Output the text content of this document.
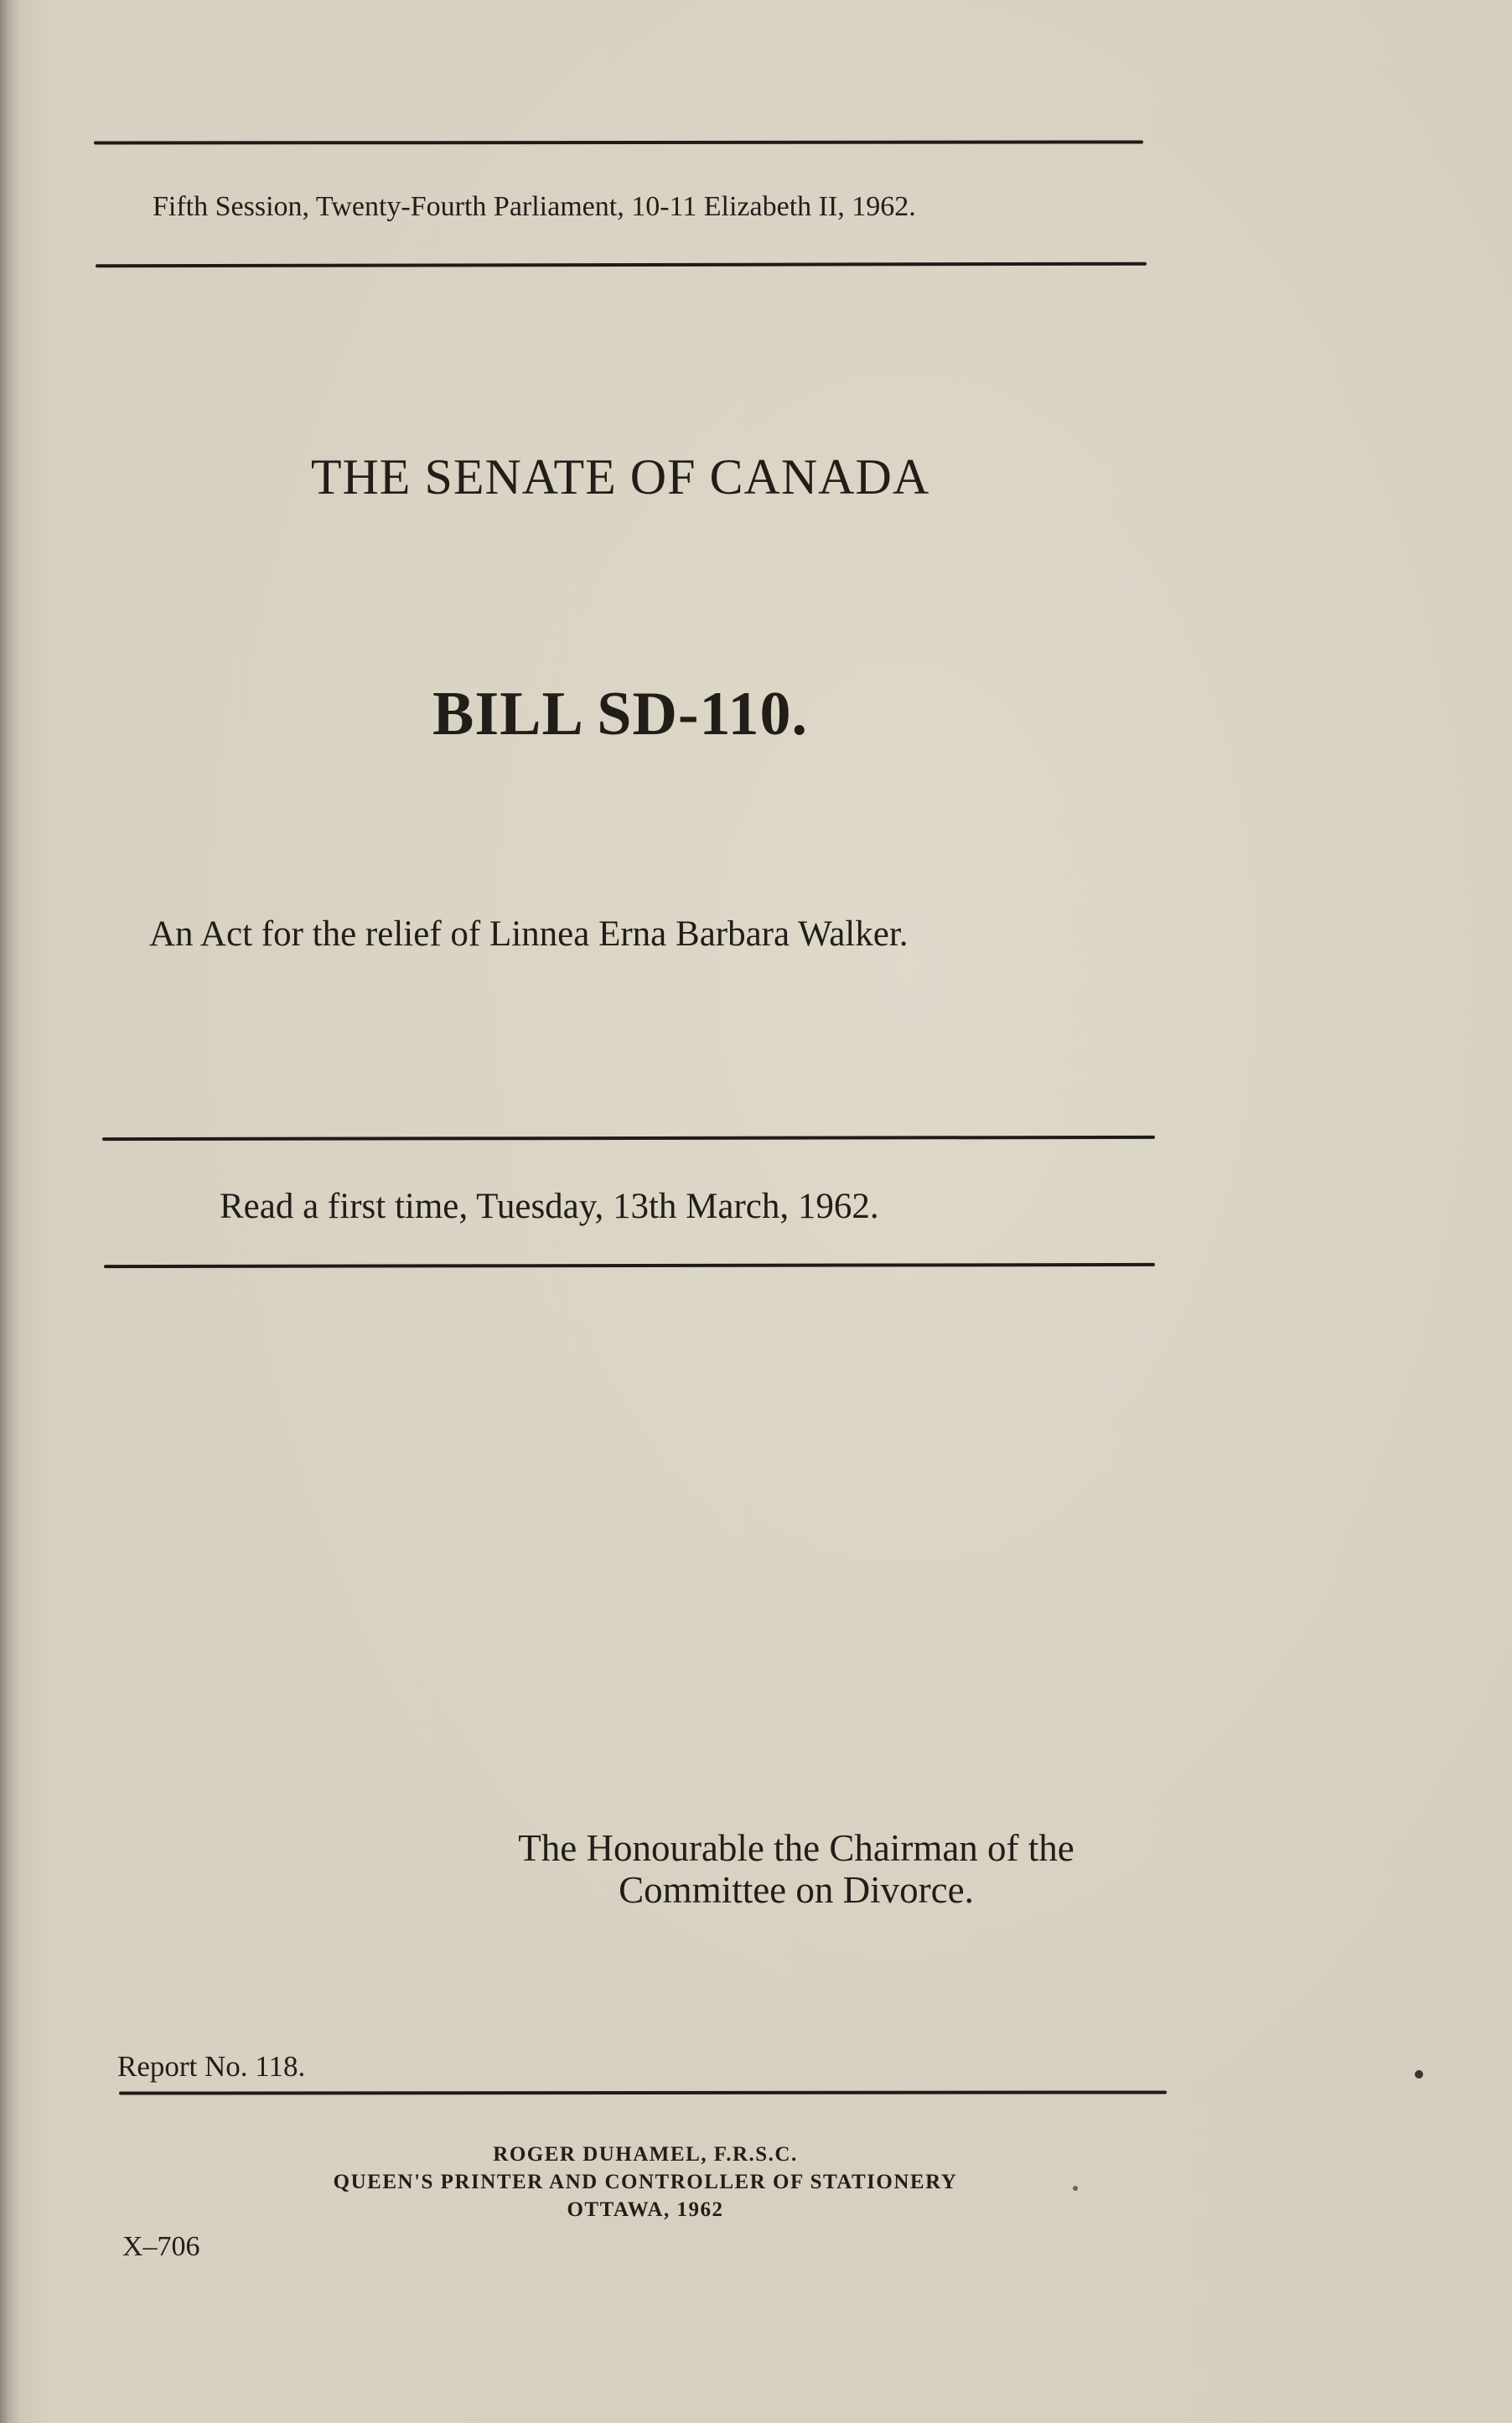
Fifth Session, Twenty-Fourth Parliament, 10-11 Elizabeth II, 1962.
THE SENATE OF CANADA
BILL SD-110.
An Act for the relief of Linnea Erna Barbara Walker.
Read a first time, Tuesday, 13th March, 1962.
The Honourable the Chairman of the
Committee on Divorce.
Report No. 118.
ROGER DUHAMEL, F.R.S.C.
QUEEN'S PRINTER AND CONTROLLER OF STATIONERY
OTTAWA, 1962
X–706
